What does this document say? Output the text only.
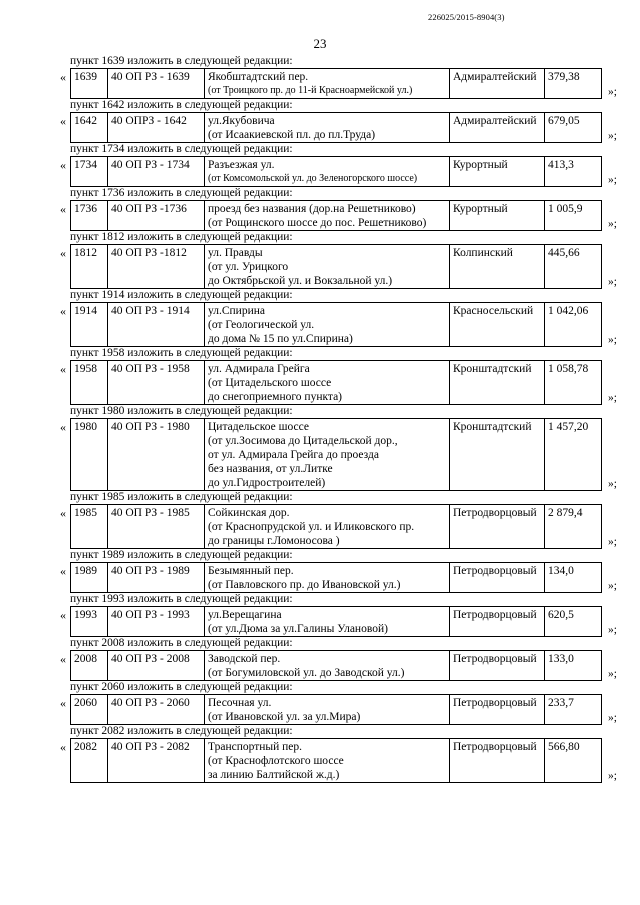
226025/2015-8904(3)
23
пункт 1639 изложить в следующей редакции:
« 1639	40 ОП РЗ - 1639	Якобштадтский пер.
(от Троицкого пр. до 11-й Красноармейской ул.)
	Адмиралтейский	379,38
»;
пункт 1642 изложить в следующей редакции:
« 1642	40 ОПРЗ - 1642	ул.Якубовича
(от Исаакиевской пл. до пл.Труда)
	Адмиралтейский	679,05
»;
пункт 1734 изложить в следующей редакции:
« 1734	40 ОП РЗ - 1734	Разъезжая ул.
(от Комсомольской ул. до Зеленогорского шоссе)
	Курортный	413,3
»;
пункт 1736 изложить в следующей редакции:
« 1736	40 ОП РЗ -1736	проезд без названия (дор.на Решетниково)
(от Рощинского шоссе до пос. Решетниково)
	Курортный	1 005,9
»;
пункт 1812 изложить в следующей редакции:
« 1812	40 ОП РЗ -1812	ул. Правды
(от ул. Урицкого
до Октябрьской ул. и Вокзальной ул.)
	Колпинский	445,66
»;
пункт 1914 изложить в следующей редакции:
« 1914	40 ОП РЗ - 1914	ул.Спирина
(от Геологической ул.
до дома № 15 по ул.Спирина)
	Красносельский	1 042,06
»;
пункт 1958 изложить в следующей редакции:
« 1958	40 ОП РЗ - 1958	ул. Адмирала Грейга
(от Цитадельского шоссе
до снегоприемного пункта)
	Кронштадтский	1 058,78
»;
пункт 1980 изложить в следующей редакции:
« 1980	40 ОП РЗ - 1980	Цитадельское шоссе
(от ул.Зосимова до Цитадельской дор.,
от ул. Адмирала Грейга до проезда
без названия, от ул.Литке
до ул.Гидростроителей)
	Кронштадтский	1 457,20
»;
пункт 1985 изложить в следующей редакции:
« 1985	40 ОП РЗ - 1985	Сойкинская дор.
(от Краснопрудской ул. и Иликовского пр.
до границы г.Ломоносова )
	Петродворцовый	2 879,4
»;
пункт 1989 изложить в следующей редакции:
« 1989	40 ОП РЗ - 1989	Безымянный пер.
(от Павловского пр. до Ивановской ул.)
	Петродворцовый	134,0
»;
пункт 1993 изложить в следующей редакции:
« 1993	40 ОП РЗ - 1993	ул.Верещагина
(от ул.Дюма за ул.Галины Улановой)
	Петродворцовый	620,5
»;
пункт 2008 изложить в следующей редакции:
« 2008	40 ОП РЗ - 2008	Заводской пер.
(от Богумиловской ул. до Заводской ул.)
	Петродворцовый	133,0
»;
пункт 2060 изложить в следующей редакции:
« 2060	40 ОП РЗ - 2060	Песочная ул.
(от Ивановской ул. за ул.Мира)
	Петродворцовый	233,7
»;
пункт 2082 изложить в следующей редакции:
« 2082	40 ОП РЗ - 2082	Транспортный пер.
(от Краснофлотского шоссе
за линию Балтийской ж.д.)
	Петродворцовый	566,80
»;
